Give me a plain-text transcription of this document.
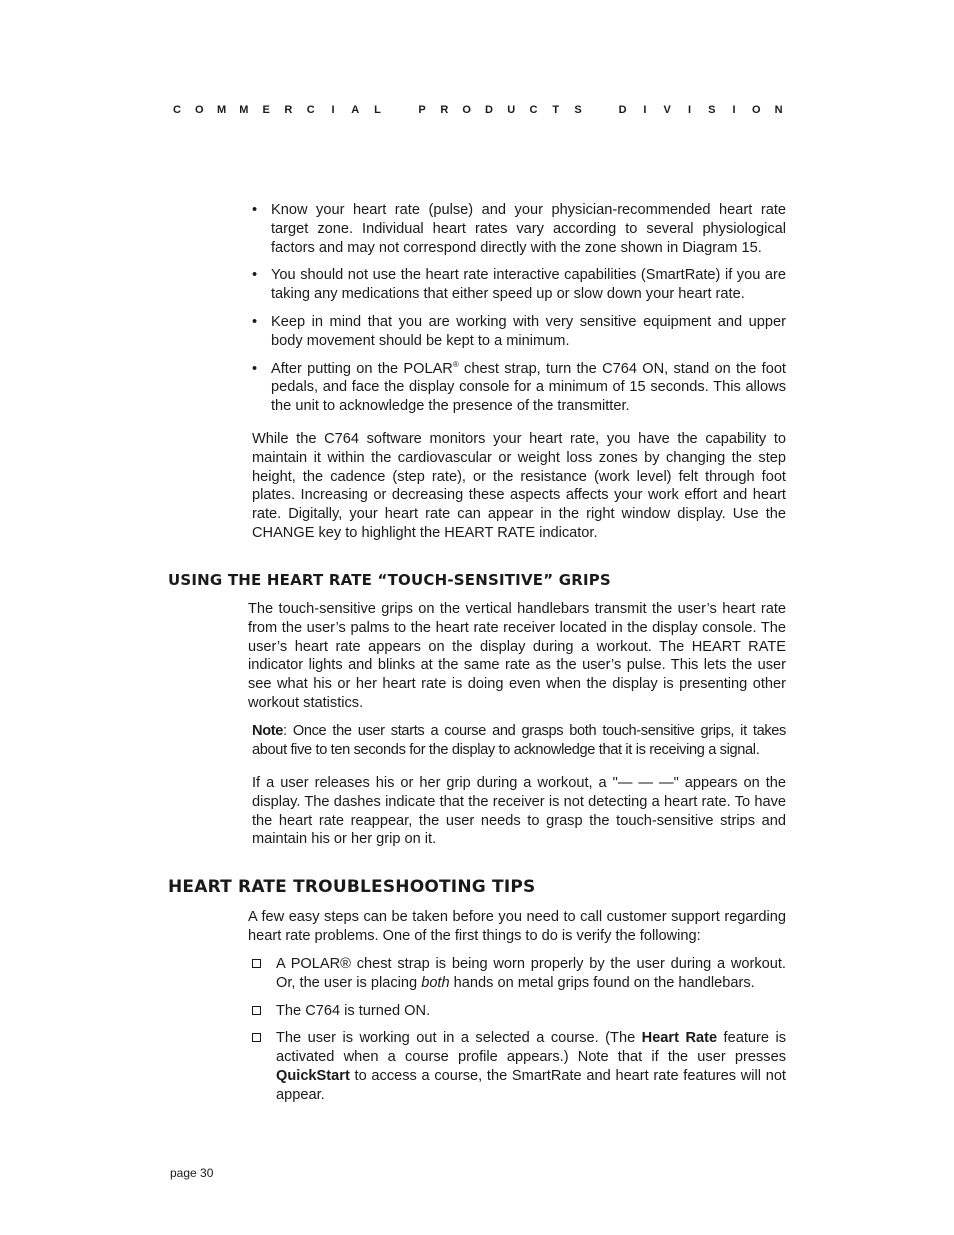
C O M M E R C	I	A L
	P R O D U C T S
	D	I	V	I	S	I	O N
• Know your heart rate (pulse) and your physician-recommended heart rate target zone. Individual heart rates vary according to several physiological factors and may not correspond directly with the zone shown in Diagram 15.
• You should not use the heart rate interactive capabilities (SmartRate) if you are taking any medications that either speed up or slow down your heart rate.
• Keep in mind that you are working with very sensitive equipment and upper body movement should be kept to a minimum.
• After putting on the POLAR® chest strap, turn the C764 ON, stand on the foot pedals, and face the display console for a minimum of 15 seconds. This allows the unit to acknowledge the presence of the transmitter.

While the C764 software monitors your heart rate, you have the capability to maintain it within the cardiovascular or weight loss zones by changing the step height, the cadence (step rate), or the resistance (work level) felt through foot plates. Increasing or decreasing these aspects affects your work effort and heart rate. Digitally, your heart rate can appear in the right window display. Use the CHANGE key to highlight the HEART RATE indicator.

USING THE HEART RATE “TOUCH-SENSITIVE” GRIPS

The touch-sensitive grips on the vertical handlebars transmit the user’s heart rate from the user’s palms to the heart rate receiver located in the display console. The user’s heart rate appears on the display during a workout. The HEART RATE indicator lights and blinks at the same rate as the user’s pulse. This lets the user see what his or her heart rate is doing even when the display is presenting other workout statistics.

Note: Once the user starts a course and grasps both touch-sensitive grips, it takes about five to ten seconds for the display to acknowledge that it is receiving a signal.

If a user releases his or her grip during a workout, a "— — —" appears on the display. The dashes indicate that the receiver is not detecting a heart rate. To have the heart rate reappear, the user needs to grasp the touch-sensitive strips and maintain his or her grip on it.

HEART RATE TROUBLESHOOTING TIPS

A few easy steps can be taken before you need to call customer support regarding heart rate problems. One of the first things to do is verify the following:

A POLAR® chest strap is being worn properly by the user during a workout. Or, the user is placing both hands on metal grips found on the handlebars.
The C764 is turned ON.
The user is working out in a selected a course. (The Heart Rate feature is activated when a course profile appears.) Note that if the user presses QuickStart to access a course, the SmartRate and heart rate features will not appear.
page 30
